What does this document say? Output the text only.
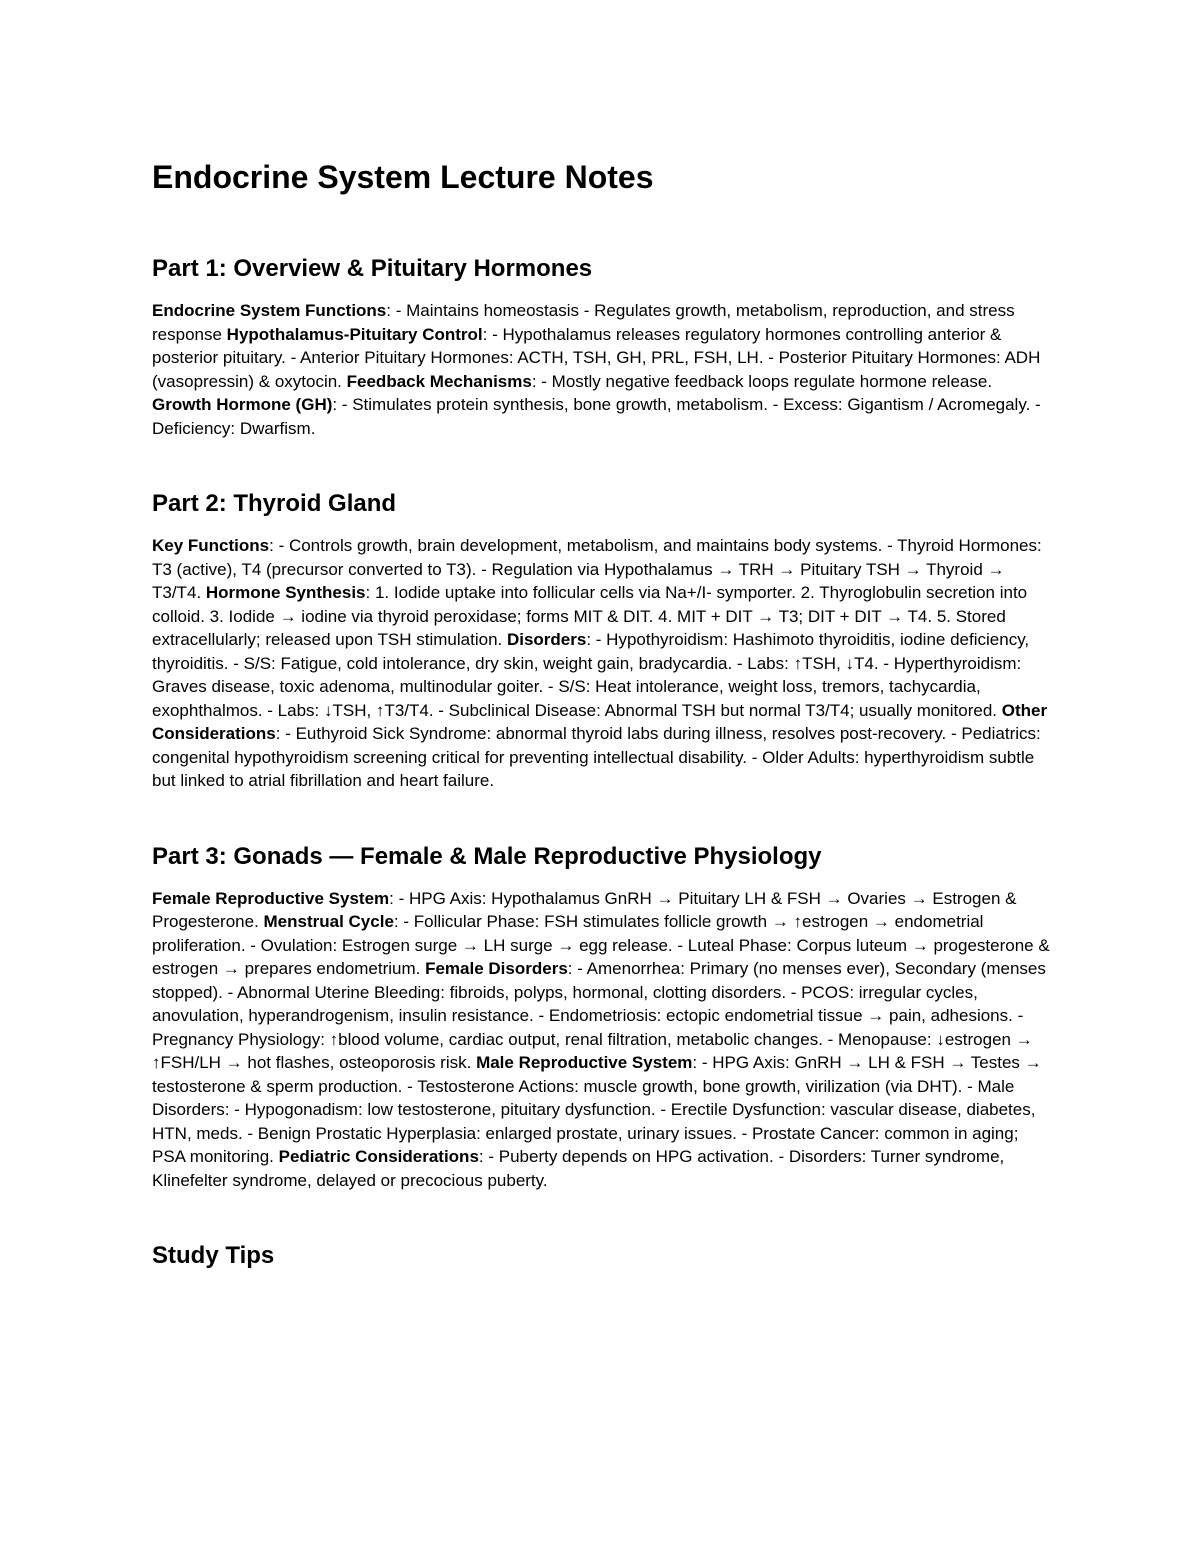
Endocrine System Lecture Notes
Part 1: Overview & Pituitary Hormones

Endocrine System Functions: - Maintains homeostasis - Regulates growth, metabolism, reproduction, and stress response Hypothalamus-Pituitary Control: - Hypothalamus releases regulatory hormones controlling anterior & posterior pituitary. - Anterior Pituitary Hormones: ACTH, TSH, GH, PRL, FSH, LH. - Posterior Pituitary Hormones: ADH (vasopressin) & oxytocin. Feedback Mechanisms: - Mostly negative feedback loops regulate hormone release. Growth Hormone (GH): - Stimulates protein synthesis, bone growth, metabolism. - Excess: Gigantism / Acromegaly. - Deficiency: Dwarfism.

Part 2: Thyroid Gland

Key Functions: - Controls growth, brain development, metabolism, and maintains body systems. - Thyroid Hormones: T3 (active), T4 (precursor converted to T3). - Regulation via Hypothalamus → TRH → Pituitary TSH → Thyroid → T3/T4. Hormone Synthesis: 1. Iodide uptake into follicular cells via Na+/I- symporter. 2. Thyroglobulin secretion into colloid. 3. Iodide → iodine via thyroid peroxidase; forms MIT & DIT. 4. MIT + DIT → T3; DIT + DIT → T4. 5. Stored extracellularly; released upon TSH stimulation. Disorders: - Hypothyroidism: Hashimoto thyroiditis, iodine deficiency, thyroiditis. - S/S: Fatigue, cold intolerance, dry skin, weight gain, bradycardia. - Labs: ↑TSH, ↓T4. - Hyperthyroidism: Graves disease, toxic adenoma, multinodular goiter. - S/S: Heat intolerance, weight loss, tremors, tachycardia, exophthalmos. - Labs: ↓TSH, ↑T3/T4. - Subclinical Disease: Abnormal TSH but normal T3/T4; usually monitored. Other Considerations: - Euthyroid Sick Syndrome: abnormal thyroid labs during illness, resolves post-recovery. - Pediatrics: congenital hypothyroidism screening critical for preventing intellectual disability. - Older Adults: hyperthyroidism subtle but linked to atrial fibrillation and heart failure.

Part 3: Gonads — Female & Male Reproductive Physiology

Female Reproductive System: - HPG Axis: Hypothalamus GnRH → Pituitary LH & FSH → Ovaries → Estrogen & Progesterone. Menstrual Cycle: - Follicular Phase: FSH stimulates follicle growth → ↑estrogen → endometrial proliferation. - Ovulation: Estrogen surge → LH surge → egg release. - Luteal Phase: Corpus luteum → progesterone & estrogen → prepares endometrium. Female Disorders: - Amenorrhea: Primary (no menses ever), Secondary (menses stopped). - Abnormal Uterine Bleeding: fibroids, polyps, hormonal, clotting disorders. - PCOS: irregular cycles, anovulation, hyperandrogenism, insulin resistance. - Endometriosis: ectopic endometrial tissue → pain, adhesions. - Pregnancy Physiology: ↑blood volume, cardiac output, renal filtration, metabolic changes. - Menopause: ↓estrogen → ↑FSH/LH → hot flashes, osteoporosis risk. Male Reproductive System: - HPG Axis: GnRH → LH & FSH → Testes → testosterone & sperm production. - Testosterone Actions: muscle growth, bone growth, virilization (via DHT). - Male Disorders: - Hypogonadism: low testosterone, pituitary dysfunction. - Erectile Dysfunction: vascular disease, diabetes, HTN, meds. - Benign Prostatic Hyperplasia: enlarged prostate, urinary issues. - Prostate Cancer: common in aging; PSA monitoring. Pediatric Considerations: - Puberty depends on HPG activation. - Disorders: Turner syndrome, Klinefelter syndrome, delayed or precocious puberty.

Study Tips
